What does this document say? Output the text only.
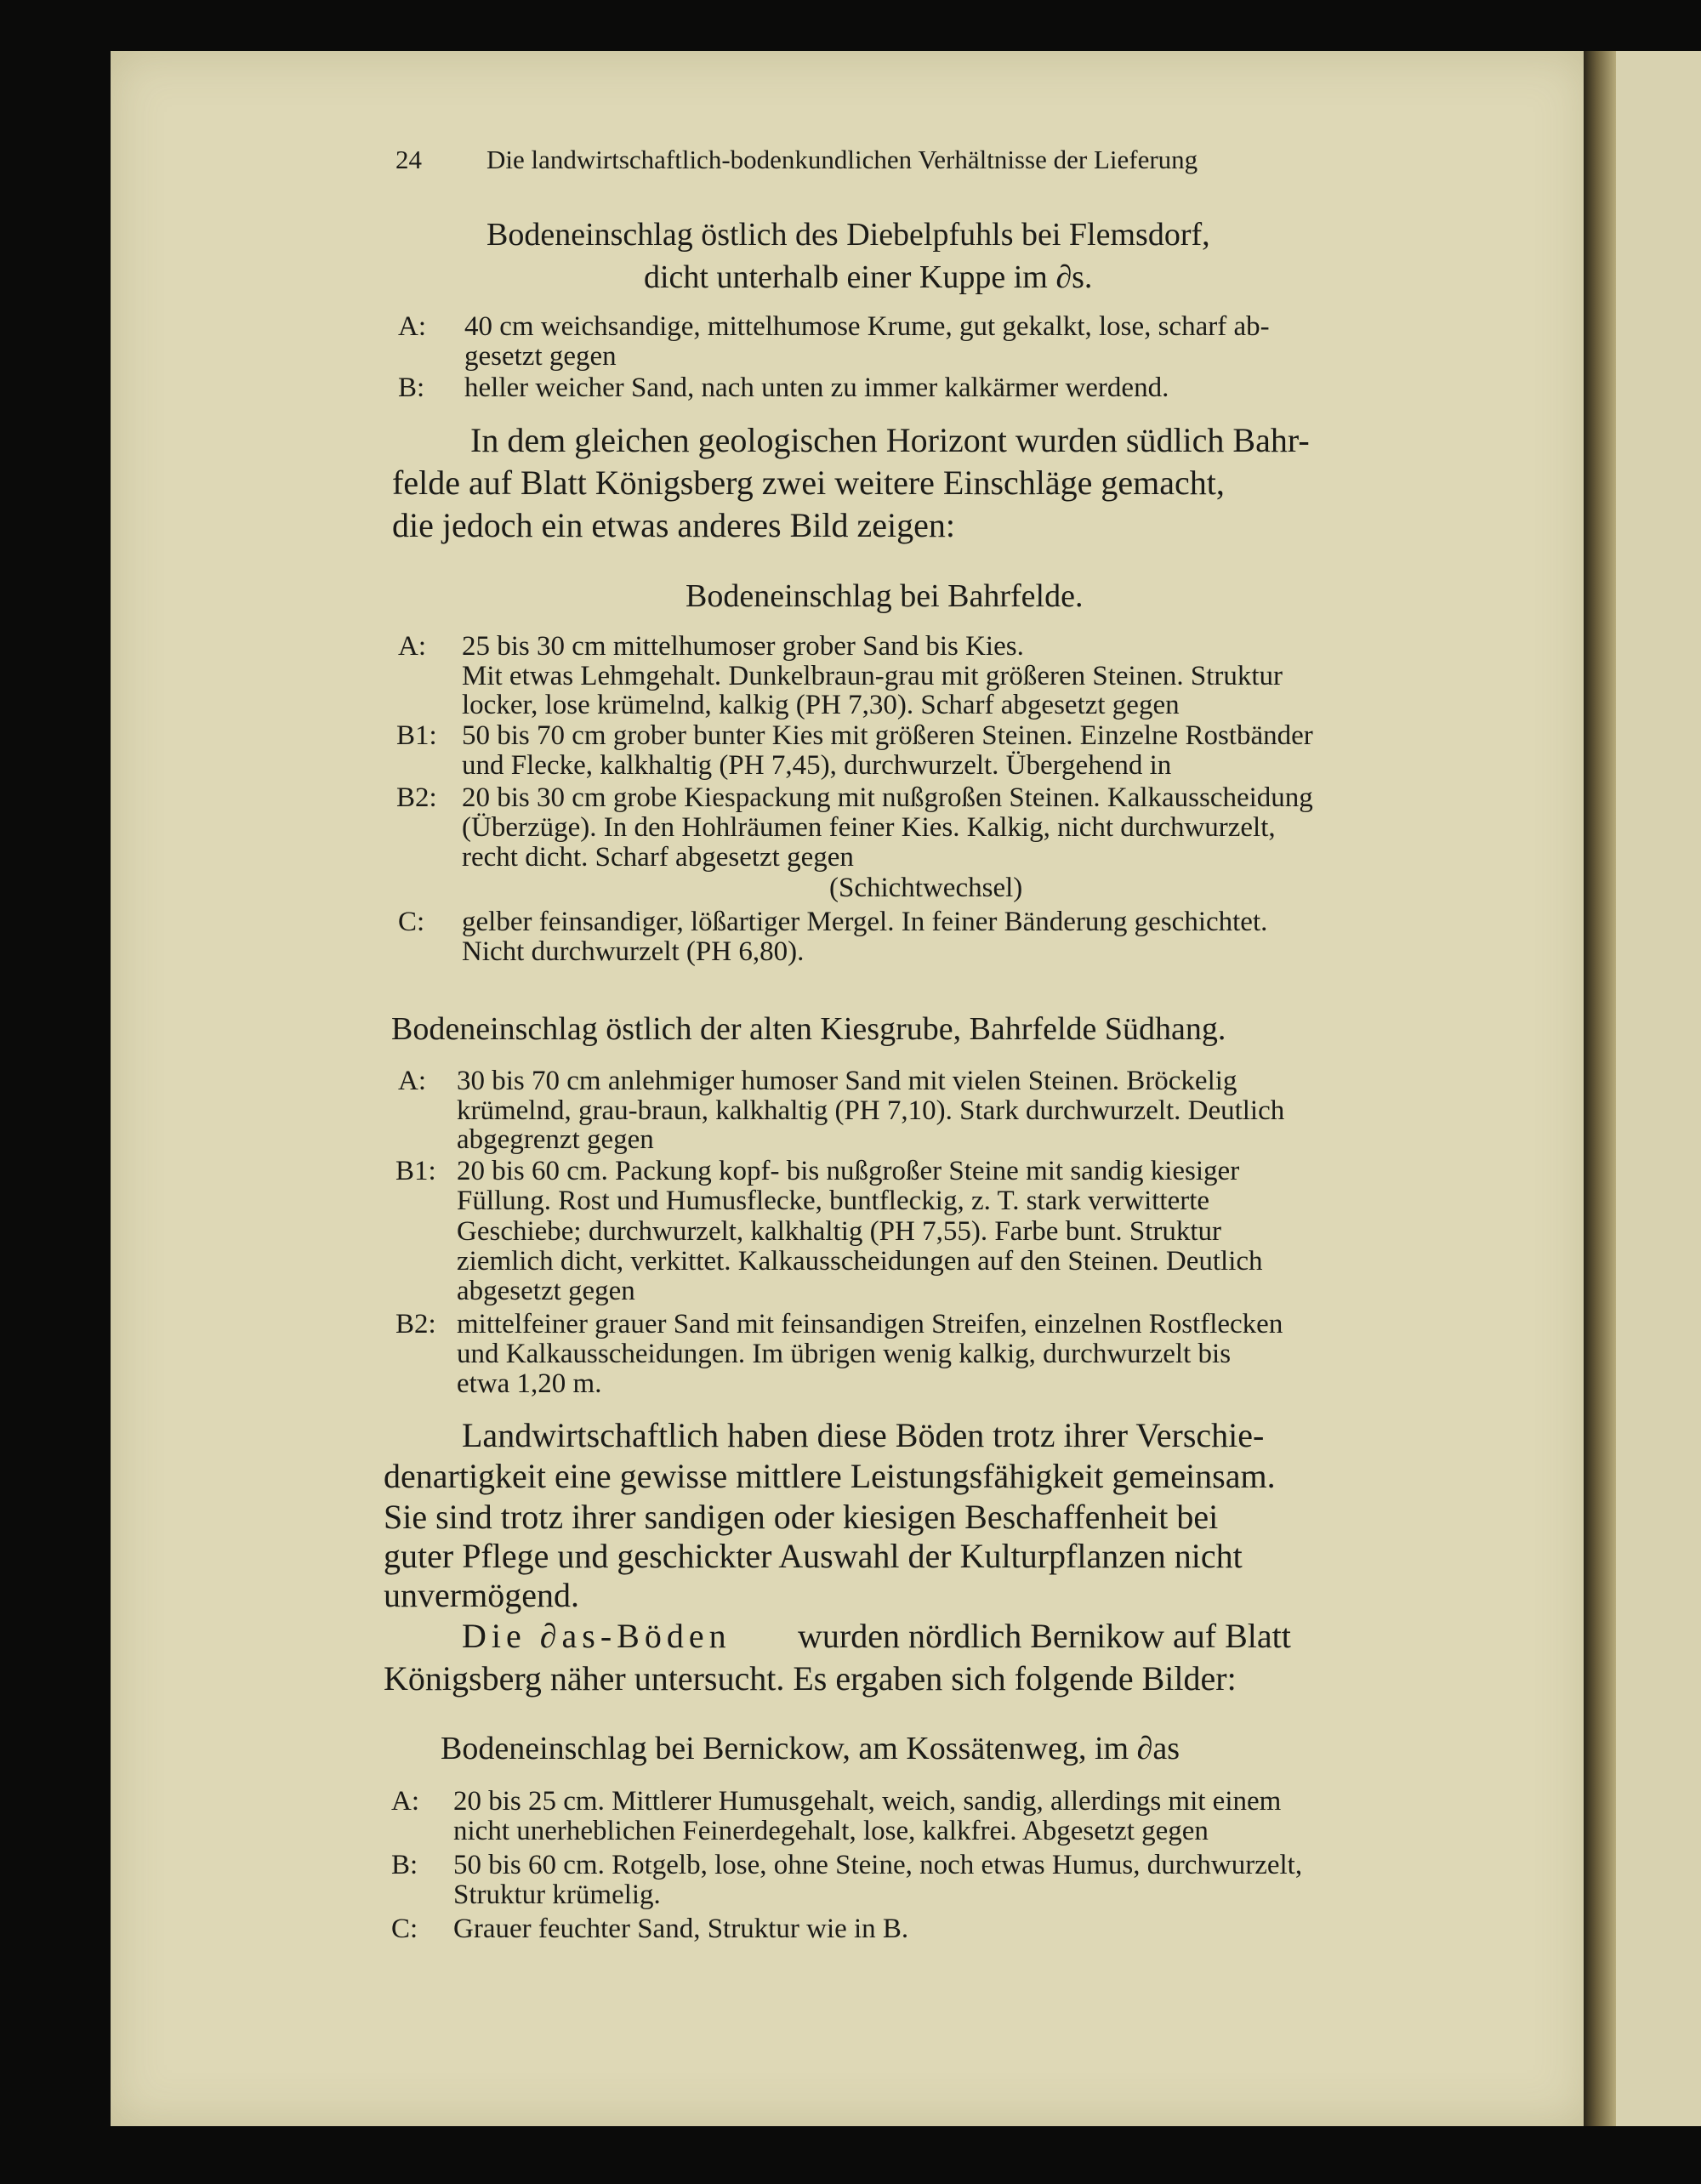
24 Die landwirtschaftlich-bodenkundlichen Verhältnisse der Lieferung
Bodeneinschlag östlich des Diebelpfuhls bei Flemsdorf,
dicht unterhalb einer Kuppe im ∂s.
A: 40 cm weichsandige, mittelhumose Krume, gut gekalkt, lose, scharf ab-
gesetzt gegen
B: heller weicher Sand, nach unten zu immer kalkärmer werdend.
In dem gleichen geologischen Horizont wurden südlich Bahr-
felde auf Blatt Königsberg zwei weitere Einschläge gemacht,
die jedoch ein etwas anderes Bild zeigen:
Bodeneinschlag bei Bahrfelde.
A: 25 bis 30 cm mittelhumoser grober Sand bis Kies.
Mit etwas Lehmgehalt. Dunkelbraun-grau mit größeren Steinen. Struktur
locker, lose krümelnd, kalkig (PH 7,30). Scharf abgesetzt gegen
B1: 50 bis 70 cm grober bunter Kies mit größeren Steinen. Einzelne Rostbänder
und Flecke, kalkhaltig (PH 7,45), durchwurzelt. Übergehend in
B2: 20 bis 30 cm grobe Kiespackung mit nußgroßen Steinen. Kalkausscheidung
(Überzüge). In den Hohlräumen feiner Kies. Kalkig, nicht durchwurzelt,
recht dicht. Scharf abgesetzt gegen
(Schichtwechsel)
C: gelber feinsandiger, lößartiger Mergel. In feiner Bänderung geschichtet.
Nicht durchwurzelt (PH 6,80).
Bodeneinschlag östlich der alten Kiesgrube, Bahrfelde Südhang.
A: 30 bis 70 cm anlehmiger humoser Sand mit vielen Steinen. Bröckelig
krümelnd, grau-braun, kalkhaltig (PH 7,10). Stark durchwurzelt. Deutlich
abgegrenzt gegen
B1: 20 bis 60 cm. Packung kopf- bis nußgroßer Steine mit sandig kiesiger
Füllung. Rost und Humusflecke, buntfleckig, z. T. stark verwitterte
Geschiebe; durchwurzelt, kalkhaltig (PH 7,55). Farbe bunt. Struktur
ziemlich dicht, verkittet. Kalkausscheidungen auf den Steinen. Deutlich
abgesetzt gegen
B2: mittelfeiner grauer Sand mit feinsandigen Streifen, einzelnen Rostflecken
und Kalkausscheidungen. Im übrigen wenig kalkig, durchwurzelt bis
etwa 1,20 m.
Landwirtschaftlich haben diese Böden trotz ihrer Verschie-
denartigkeit eine gewisse mittlere Leistungsfähigkeit gemeinsam.
Sie sind trotz ihrer sandigen oder kiesigen Beschaffenheit bei
guter Pflege und geschickter Auswahl der Kulturpflanzen nicht
unvermögend.
Die ∂as-Böden wurden nördlich Bernikow auf Blatt
Königsberg näher untersucht. Es ergaben sich folgende Bilder:
Bodeneinschlag bei Bernickow, am Kossätenweg, im ∂as
A: 20 bis 25 cm. Mittlerer Humusgehalt, weich, sandig, allerdings mit einem
nicht unerheblichen Feinerdegehalt, lose, kalkfrei. Abgesetzt gegen
B: 50 bis 60 cm. Rotgelb, lose, ohne Steine, noch etwas Humus, durchwurzelt,
Struktur krümelig.
C: Grauer feuchter Sand, Struktur wie in B.
